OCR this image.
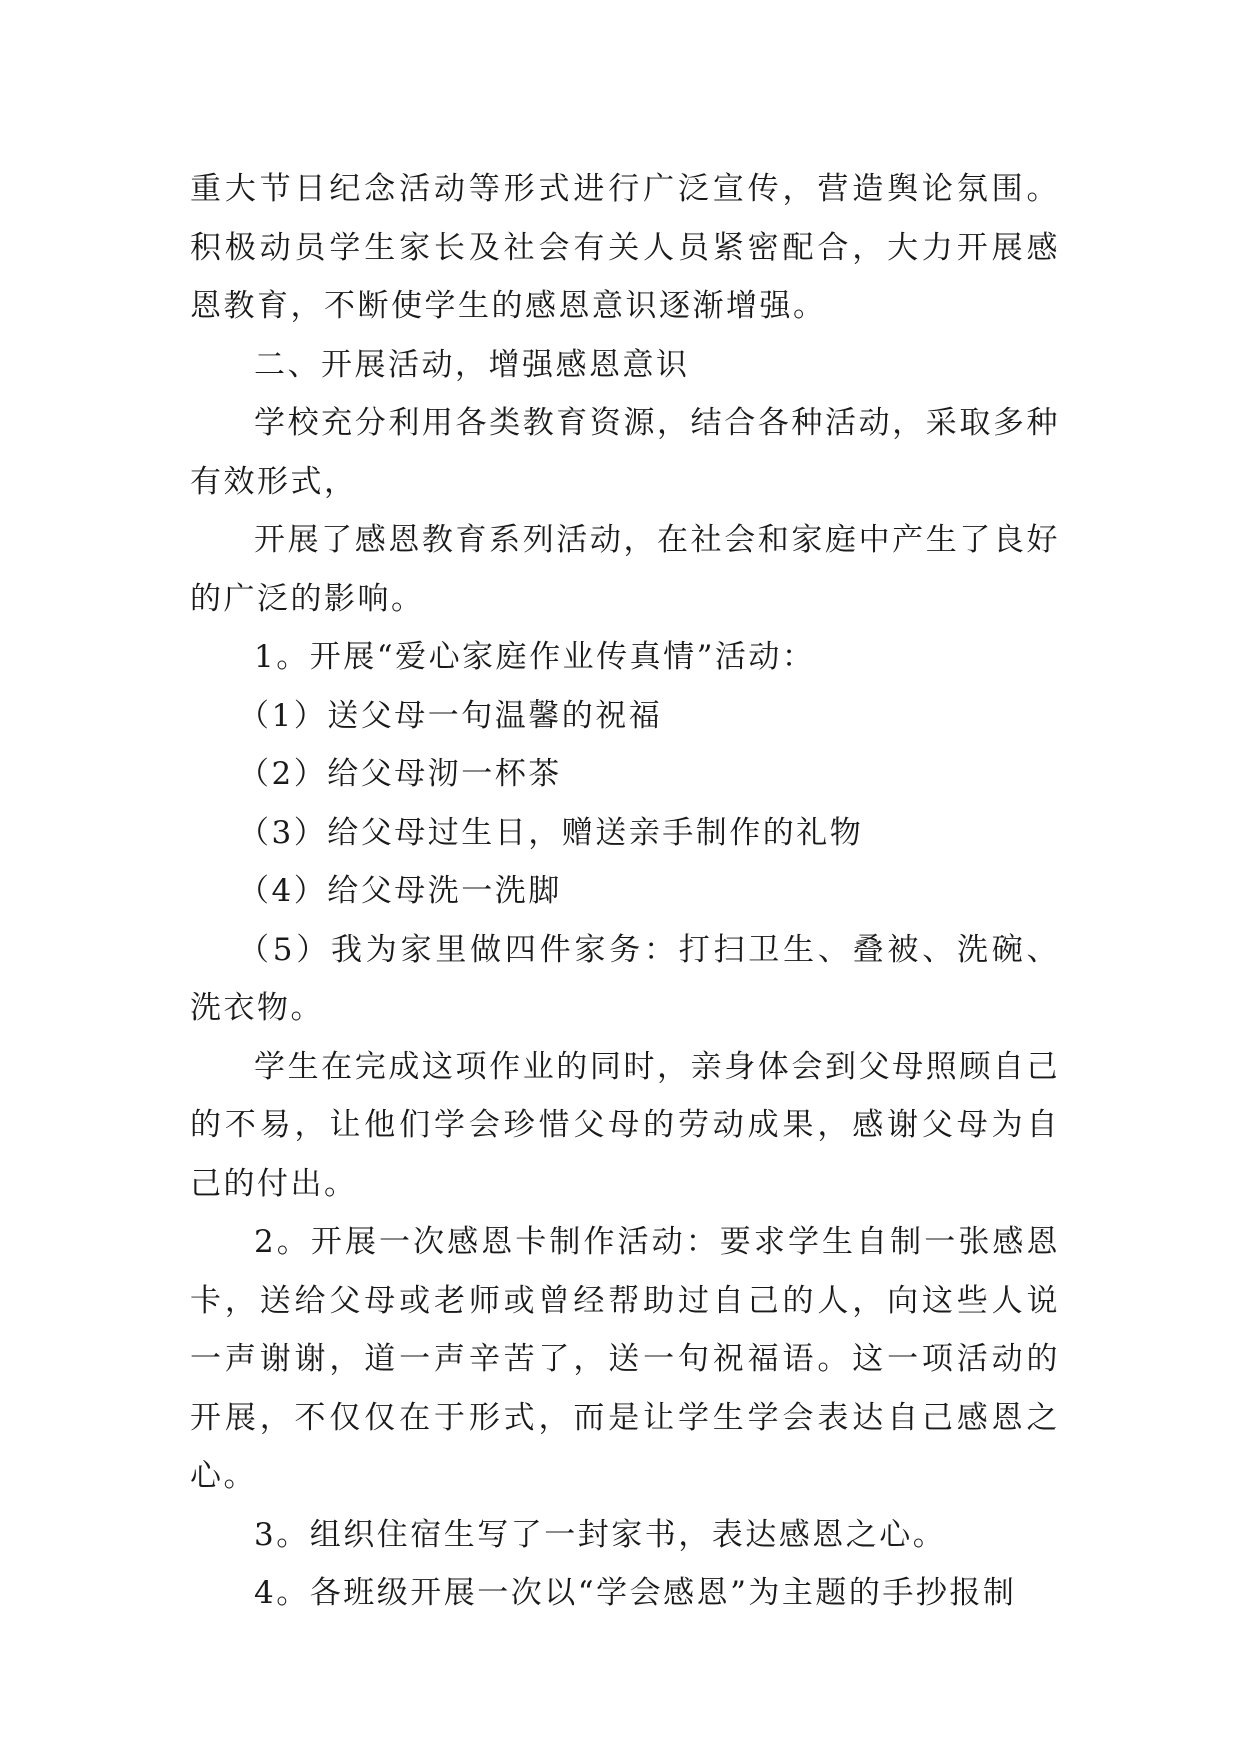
重大节日纪念活动等形式进行广泛宣传，营造舆论氛围。积极动员学生家长及社会有关人员紧密配合，大力开展感恩教育，不断使学生的感恩意识逐渐增强。

二、开展活动，增强感恩意识

学校充分利用各类教育资源，结合各种活动，采取多种有效形式，

开展了感恩教育系列活动，在社会和家庭中产生了良好的广泛的影响。

1。开展“爱心家庭作业传真情”活动：

（1）送父母一句温馨的祝福

（2）给父母沏一杯茶

（3）给父母过生日，赠送亲手制作的礼物

（4）给父母洗一洗脚

（5）我为家里做四件家务：打扫卫生、叠被、洗碗、洗衣物。

学生在完成这项作业的同时，亲身体会到父母照顾自己的不易，让他们学会珍惜父母的劳动成果，感谢父母为自己的付出。

2。开展一次感恩卡制作活动：要求学生自制一张感恩卡，送给父母或老师或曾经帮助过自己的人，向这些人说一声谢谢，道一声辛苦了，送一句祝福语。这一项活动的开展，不仅仅在于形式，而是让学生学会表达自己感恩之心。

3。组织住宿生写了一封家书，表达感恩之心。

4。各班级开展一次以“学会感恩”为主题的手抄报制
